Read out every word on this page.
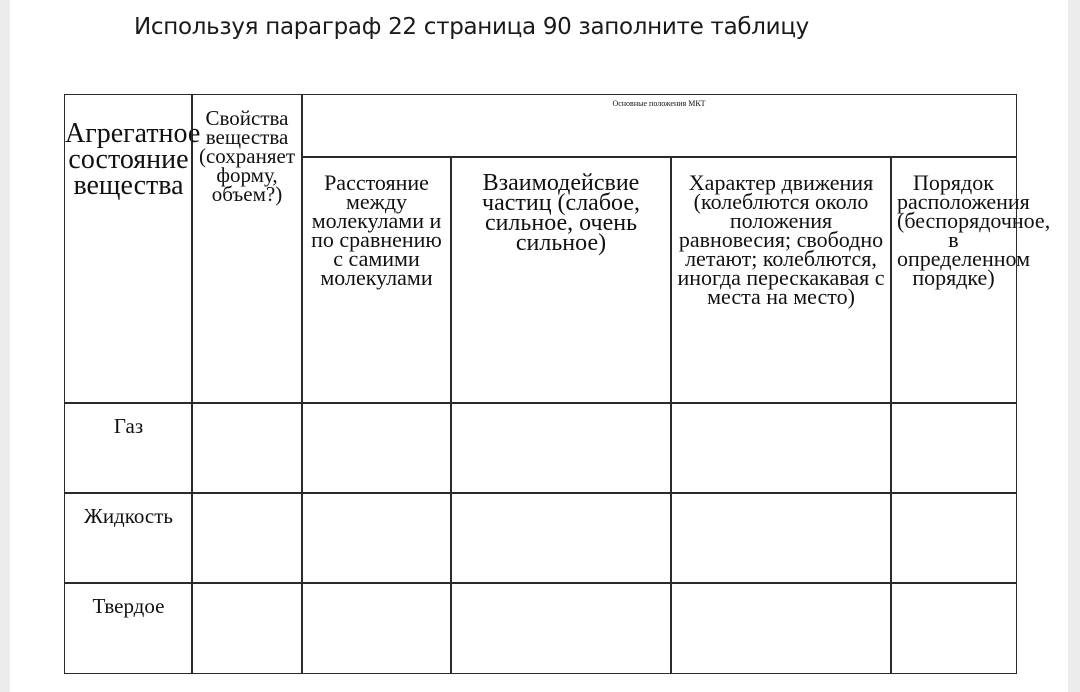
Используя параграф 22 страница 90 заполните таблицу
Агрегатное состояние вещества
Свойства вещества (сохраняет форму, объем?)
Основные положения МКТ
Расстояние между молекулами и по сравнению с самими молекулами
Взаимодейсвие частиц (слабое, сильное, очень сильное)
Характер движения (колеблются около положения равновесия; свободно летают; колеблются, иногда перескакавая с места на место)
Порядок расположения (беспорядочное, в определенном порядке)
Газ
Жидкость
Твердое
